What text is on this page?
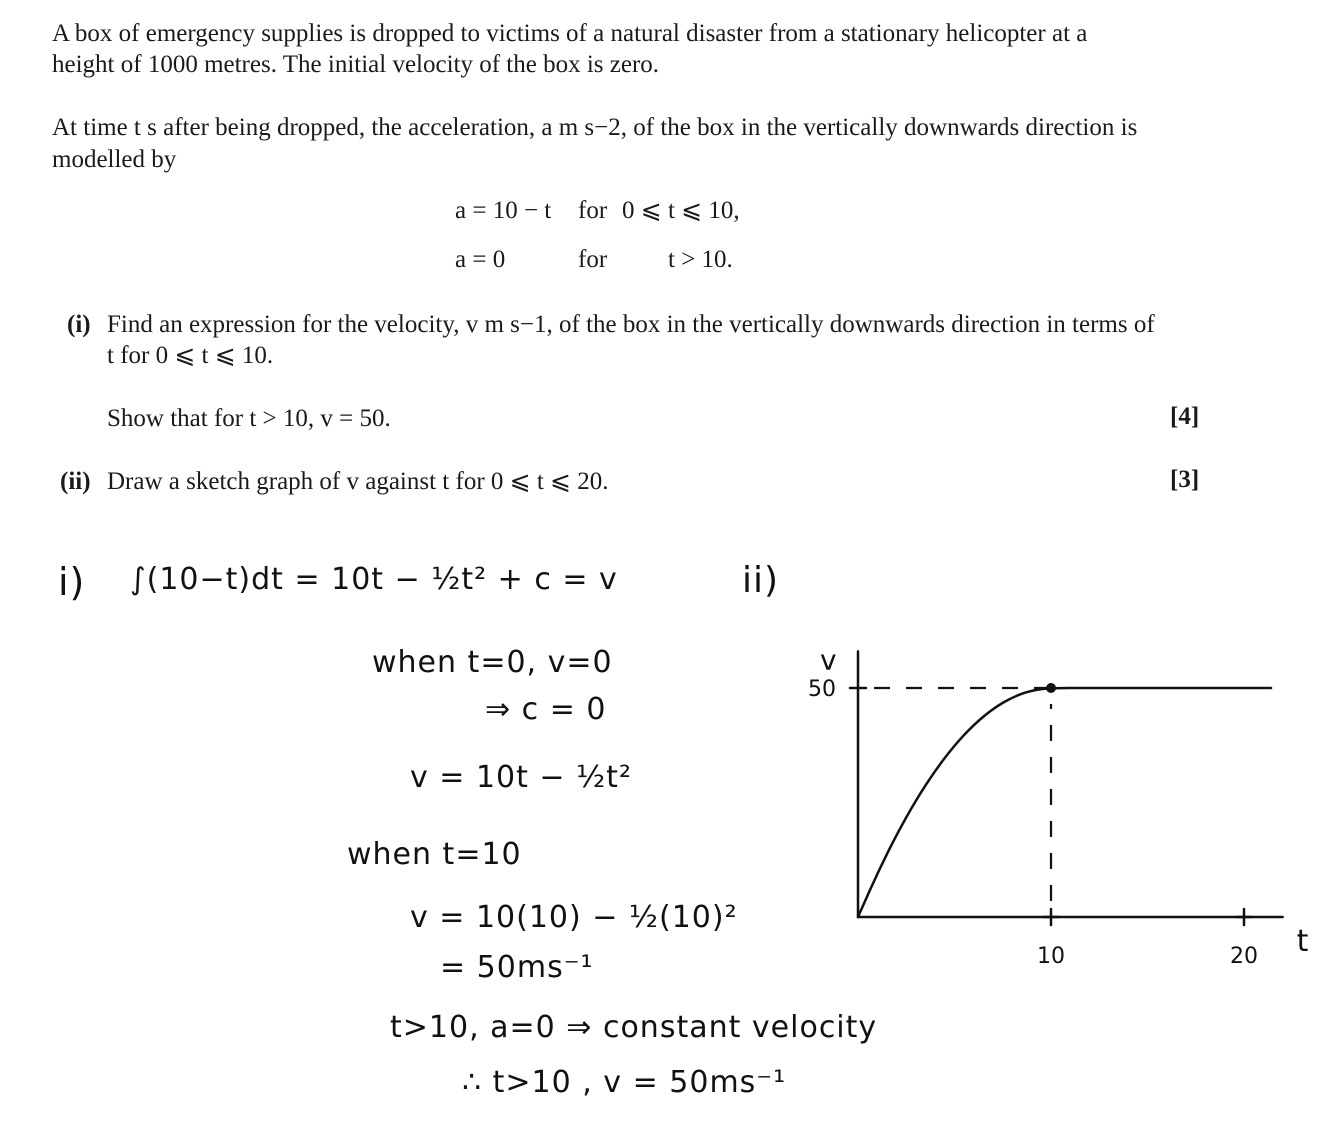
A box of emergency supplies is dropped to victims of a natural disaster from a stationary helicopter at a
height of 1000 metres. The initial velocity of the box is zero.
At time t s after being dropped, the acceleration, a m s−2, of the box in the vertically downwards direction is
modelled by
a = 10 − t for 0 ⩽ t ⩽ 10,
a = 0	for t > 10.
(i) Find an expression for the velocity, v m s−1, of the box in the vertically downwards direction in terms of
t for 0 ⩽ t ⩽ 10.
Show that for t > 10, v = 50.	[4]
(ii) Draw a sketch graph of v against t for 0 ⩽ t ⩽ 20.	[3]
i) ∫(10−t)dt = 10t − ½t² + c = v
when t=0, v=0
⇒ c = 0
v = 10t − ½t²
when t=10
v = 10(10) − ½(10)²
= 50ms⁻¹
t>10, a=0 ⇒ constant velocity
∴ t>10 , v = 50ms⁻¹
ii)
t
v
10	20
50
